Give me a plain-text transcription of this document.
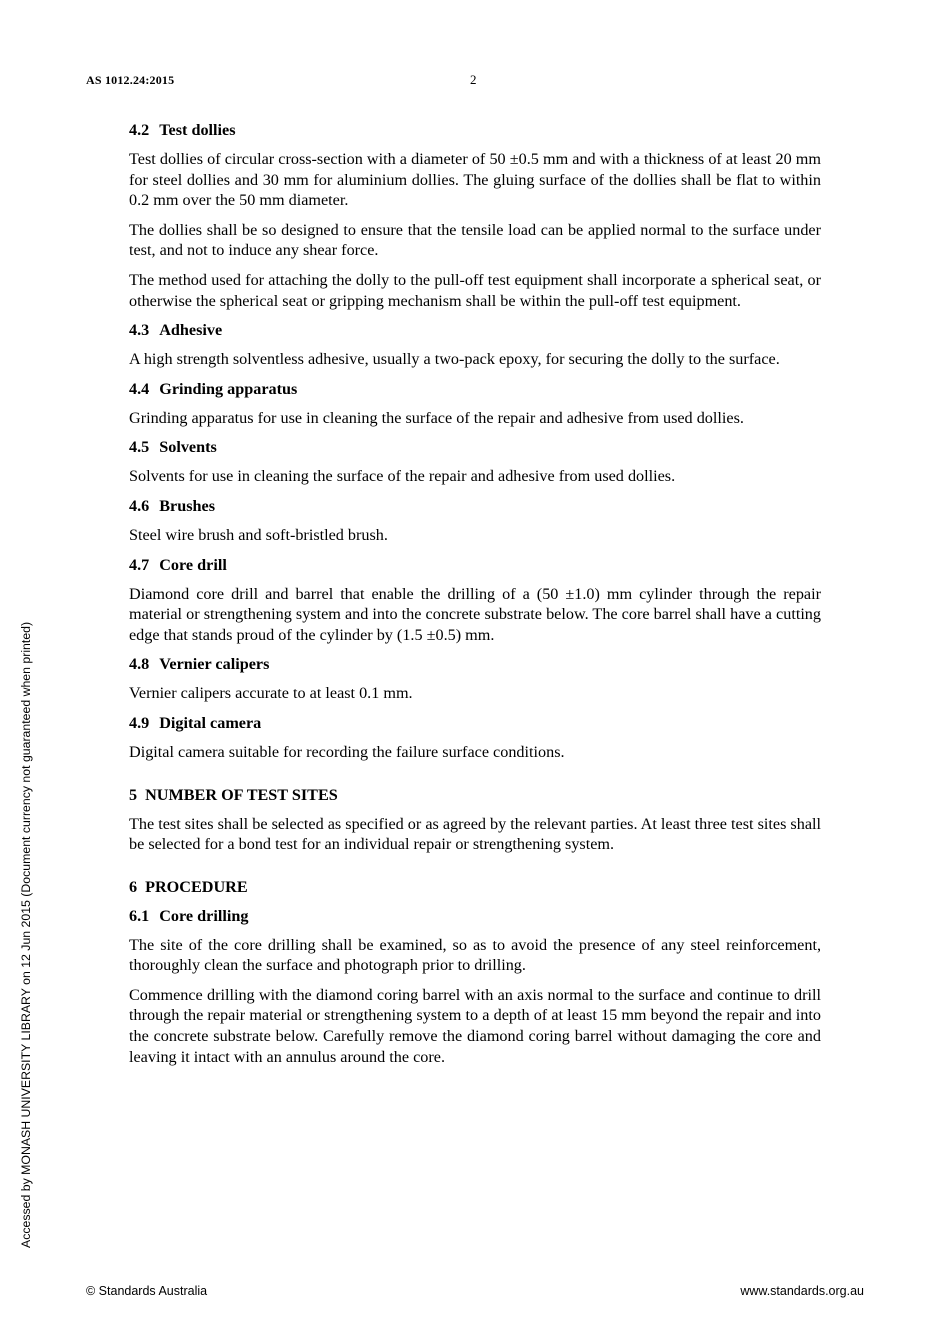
AS 1012.24:2015	2
4.2 Test dollies

Test dollies of circular cross-section with a diameter of 50 ±0.5 mm and with a thickness of at least 20 mm for steel dollies and 30 mm for aluminium dollies. The gluing surface of the dollies shall be flat to within 0.2 mm over the 50 mm diameter.

The dollies shall be so designed to ensure that the tensile load can be applied normal to the surface under test, and not to induce any shear force.

The method used for attaching the dolly to the pull-off test equipment shall incorporate a spherical seat, or otherwise the spherical seat or gripping mechanism shall be within the pull-off test equipment.

4.3 Adhesive

A high strength solventless adhesive, usually a two-pack epoxy, for securing the dolly to the surface.

4.4 Grinding apparatus

Grinding apparatus for use in cleaning the surface of the repair and adhesive from used dollies.

4.5 Solvents

Solvents for use in cleaning the surface of the repair and adhesive from used dollies.

4.6 Brushes

Steel wire brush and soft-bristled brush.

4.7 Core drill

Diamond core drill and barrel that enable the drilling of a (50 ±1.0) mm cylinder through the repair material or strengthening system and into the concrete substrate below. The core barrel shall have a cutting edge that stands proud of the cylinder by (1.5 ±0.5) mm.

4.8 Vernier calipers

Vernier calipers accurate to at least 0.1 mm.

4.9 Digital camera

Digital camera suitable for recording the failure surface conditions.

5 NUMBER OF TEST SITES

The test sites shall be selected as specified or as agreed by the relevant parties. At least three test sites shall be selected for a bond test for an individual repair or strengthening system.

6 PROCEDURE
6.1 Core drilling

The site of the core drilling shall be examined, so as to avoid the presence of any steel reinforcement, thoroughly clean the surface and photograph prior to drilling.

Commence drilling with the diamond coring barrel with an axis normal to the surface and continue to drill through the repair material or strengthening system to a depth of at least 15 mm beyond the repair and into the concrete substrate below. Carefully remove the diamond coring barrel without damaging the core and leaving it intact with an annulus around the core.

Accessed by MONASH UNIVERSITY LIBRARY on 12 Jun 2015 (Document currency not guaranteed when printed)
© Standards Australia	www.standards.org.au
